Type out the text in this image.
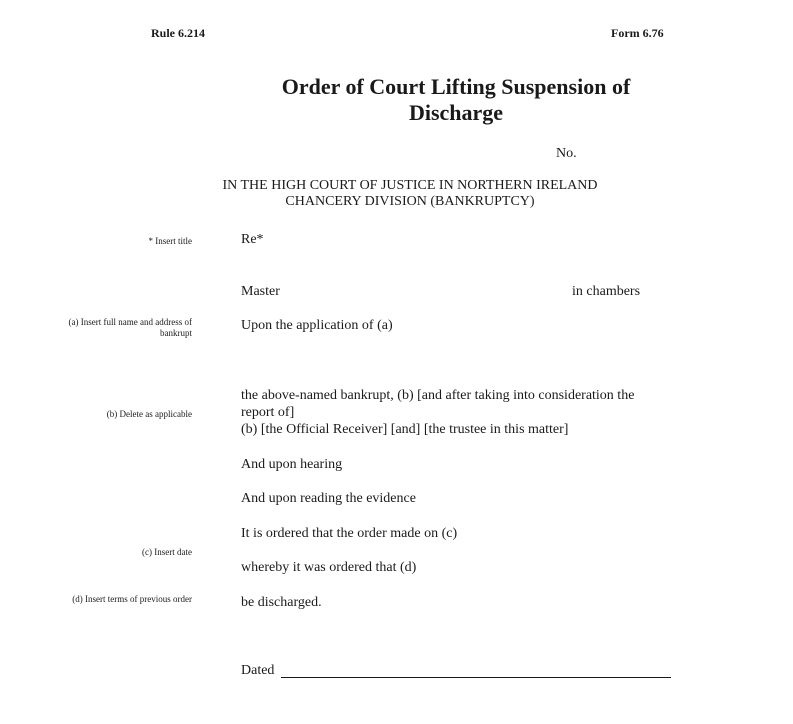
Rule 6.214	Form 6.76
Order of Court Lifting Suspension of
Discharge
No.
IN THE HIGH COURT OF JUSTICE IN NORTHERN IRELAND
CHANCERY DIVISION (BANKRUPTCY)
* Insert title
(a) Insert full name and address of bankrupt
(b) Delete as applicable
(c) Insert date
(d) Insert terms of previous order
Re*
Master	in chambers
Upon the application of (a)
the above-named bankrupt, (b) [and after taking into consideration the report of]
(b) [the Official Receiver] [and] [the trustee in this matter]
And upon hearing
And upon reading the evidence
It is ordered that the order made on (c)
whereby it was ordered that (d)
be discharged.
Dated
